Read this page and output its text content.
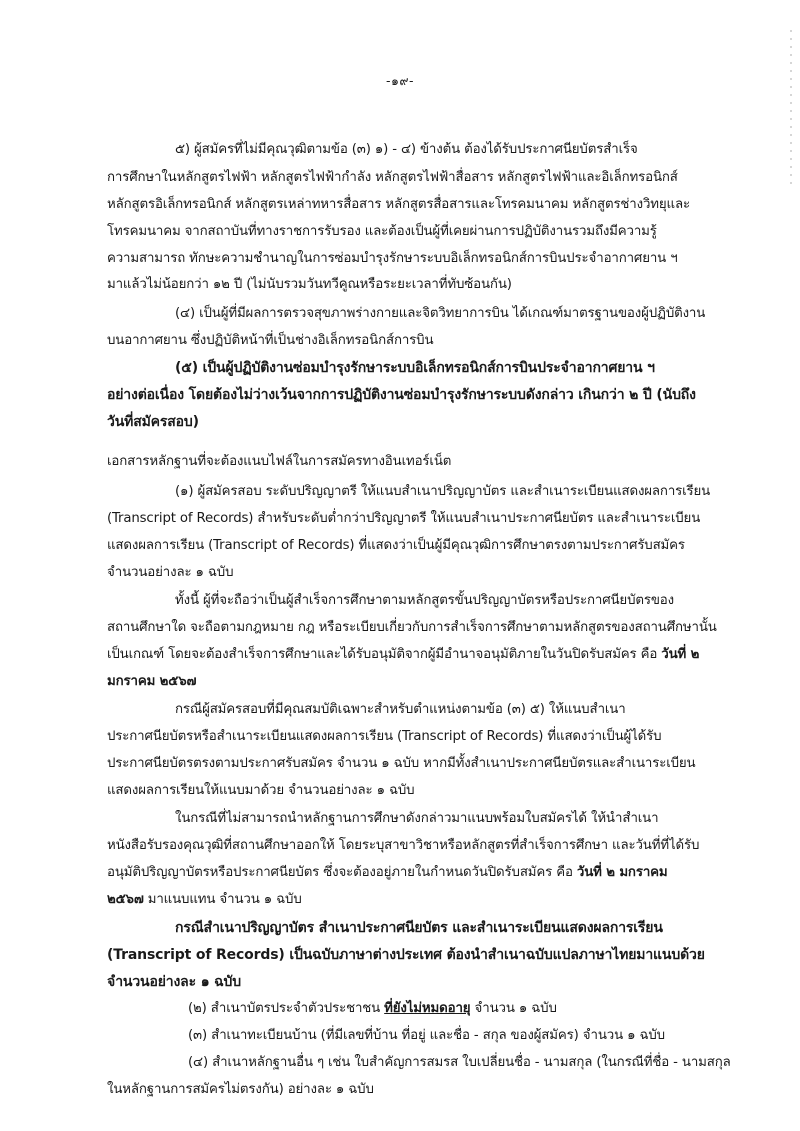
-๑๙-
๕) ผู้สมัครที่ไม่มีคุณวุฒิตามข้อ (๓) ๑) - ๔) ข้างต้น ต้องได้รับประกาศนียบัตรสำเร็จ
การศึกษาในหลักสูตรไฟฟ้า หลักสูตรไฟฟ้ากำลัง หลักสูตรไฟฟ้าสื่อสาร หลักสูตรไฟฟ้าและอิเล็กทรอนิกส์
หลักสูตรอิเล็กทรอนิกส์ หลักสูตรเหล่าทหารสื่อสาร หลักสูตรสื่อสารและโทรคมนาคม หลักสูตรช่างวิทยุและ
โทรคมนาคม จากสถาบันที่ทางราชการรับรอง และต้องเป็นผู้ที่เคยผ่านการปฏิบัติงานรวมถึงมีความรู้
ความสามารถ ทักษะความชำนาญในการซ่อมบำรุงรักษาระบบอิเล็กทรอนิกส์การบินประจำอากาศยาน ฯ
มาแล้วไม่น้อยกว่า ๑๒ ปี (ไม่นับรวมวันทวีคูณหรือระยะเวลาที่ทับซ้อนกัน)
(๔) เป็นผู้ที่มีผลการตรวจสุขภาพร่างกายและจิตวิทยาการบิน ได้เกณฑ์มาตรฐานของผู้ปฏิบัติงาน
บนอากาศยาน ซึ่งปฏิบัติหน้าที่เป็นช่างอิเล็กทรอนิกส์การบิน
(๕) เป็นผู้ปฏิบัติงานซ่อมบำรุงรักษาระบบอิเล็กทรอนิกส์การบินประจำอากาศยาน ฯ
อย่างต่อเนื่อง โดยต้องไม่ว่างเว้นจากการปฏิบัติงานซ่อมบำรุงรักษาระบบดังกล่าว เกินกว่า ๒ ปี (นับถึง
วันที่สมัครสอบ)
เอกสารหลักฐานที่จะต้องแนบไฟล์ในการสมัครทางอินเทอร์เน็ต
(๑) ผู้สมัครสอบ ระดับปริญญาตรี ให้แนบสำเนาปริญญาบัตร และสำเนาระเบียนแสดงผลการเรียน
(Transcript of Records) สำหรับระดับต่ำกว่าปริญญาตรี ให้แนบสำเนาประกาศนียบัตร และสำเนาระเบียน
แสดงผลการเรียน (Transcript of Records) ที่แสดงว่าเป็นผู้มีคุณวุฒิการศึกษาตรงตามประกาศรับสมัคร
จำนวนอย่างละ ๑ ฉบับ
ทั้งนี้ ผู้ที่จะถือว่าเป็นผู้สำเร็จการศึกษาตามหลักสูตรขั้นปริญญาบัตรหรือประกาศนียบัตรของ
สถานศึกษาใด จะถือตามกฎหมาย กฎ หรือระเบียบเกี่ยวกับการสำเร็จการศึกษาตามหลักสูตรของสถานศึกษานั้น
เป็นเกณฑ์ โดยจะต้องสำเร็จการศึกษาและได้รับอนุมัติจากผู้มีอำนาจอนุมัติภายในวันปิดรับสมัคร คือ วันที่ ๒
มกราคม ๒๕๖๗
กรณีผู้สมัครสอบที่มีคุณสมบัติเฉพาะสำหรับตำแหน่งตามข้อ (๓) ๕) ให้แนบสำเนา
ประกาศนียบัตรหรือสำเนาระเบียนแสดงผลการเรียน (Transcript of Records) ที่แสดงว่าเป็นผู้ได้รับ
ประกาศนียบัตรตรงตามประกาศรับสมัคร จำนวน ๑ ฉบับ หากมีทั้งสำเนาประกาศนียบัตรและสำเนาระเบียน
แสดงผลการเรียนให้แนบมาด้วย จำนวนอย่างละ ๑ ฉบับ
ในกรณีที่ไม่สามารถนำหลักฐานการศึกษาดังกล่าวมาแนบพร้อมใบสมัครได้ ให้นำสำเนา
หนังสือรับรองคุณวุฒิที่สถานศึกษาออกให้ โดยระบุสาขาวิชาหรือหลักสูตรที่สำเร็จการศึกษา และวันที่ที่ได้รับ
อนุมัติปริญญาบัตรหรือประกาศนียบัตร ซึ่งจะต้องอยู่ภายในกำหนดวันปิดรับสมัคร คือ วันที่ ๒ มกราคม
๒๕๖๗ มาแนบแทน จำนวน ๑ ฉบับ
กรณีสำเนาปริญญาบัตร สำเนาประกาศนียบัตร และสำเนาระเบียนแสดงผลการเรียน
(Transcript of Records) เป็นฉบับภาษาต่างประเทศ ต้องนำสำเนาฉบับแปลภาษาไทยมาแนบด้วย
จำนวนอย่างละ ๑ ฉบับ
(๒) สำเนาบัตรประจำตัวประชาชน ที่ยังไม่หมดอายุ จำนวน ๑ ฉบับ
(๓) สำเนาทะเบียนบ้าน (ที่มีเลขที่บ้าน ที่อยู่ และชื่อ - สกุล ของผู้สมัคร) จำนวน ๑ ฉบับ
(๔) สำเนาหลักฐานอื่น ๆ เช่น ใบสำคัญการสมรส ใบเปลี่ยนชื่อ - นามสกุล (ในกรณีที่ชื่อ - นามสกุล
ในหลักฐานการสมัครไม่ตรงกัน) อย่างละ ๑ ฉบับ
